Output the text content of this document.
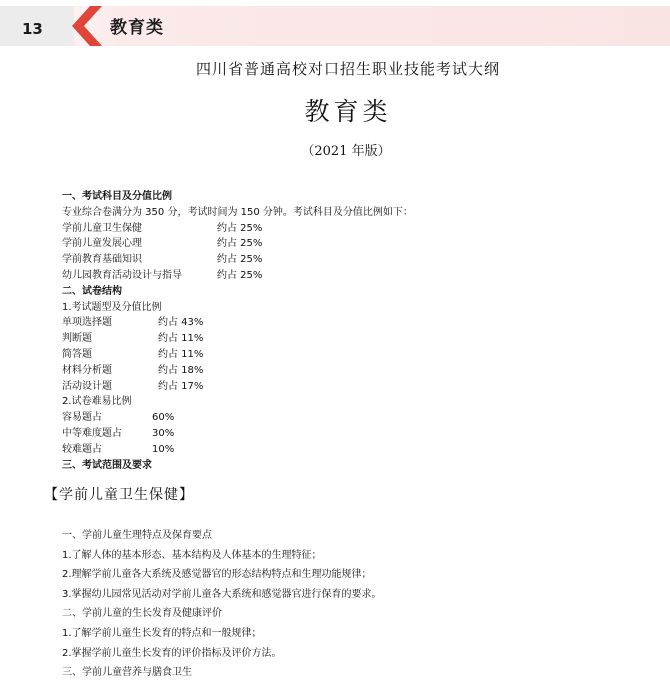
13	教育类
四川省普通高校对口招生职业技能考试大纲
教育类
（2021 年版）
一、考试科目及分值比例
专业综合卷满分为 350 分，考试时间为 150 分钟。考试科目及分值比例如下：
学前儿童卫生保健	约占 25%
学前儿童发展心理	约占 25%
学前教育基础知识	约占 25%
幼儿园教育活动设计与指导	约占 25%
二、试卷结构
1.考试题型及分值比例
单项选择题	约占 43%
判断题	约占 11%
简答题	约占 11%
材料分析题	约占 18%
活动设计题	约占 17%
2.试卷难易比例
容易题占	60%
中等难度题占	30%
较难题占	10%
三、考试范围及要求
【学前儿童卫生保健】
一、学前儿童生理特点及保育要点
1.了解人体的基本形态、基本结构及人体基本的生理特征；
2.理解学前儿童各大系统及感觉器官的形态结构特点和生理功能规律；
3.掌握幼儿园常见活动对学前儿童各大系统和感觉器官进行保育的要求。
二、学前儿童的生长发育及健康评价
1.了解学前儿童生长发育的特点和一般规律；
2.掌握学前儿童生长发育的评价指标及评价方法。
三、学前儿童营养与膳食卫生
